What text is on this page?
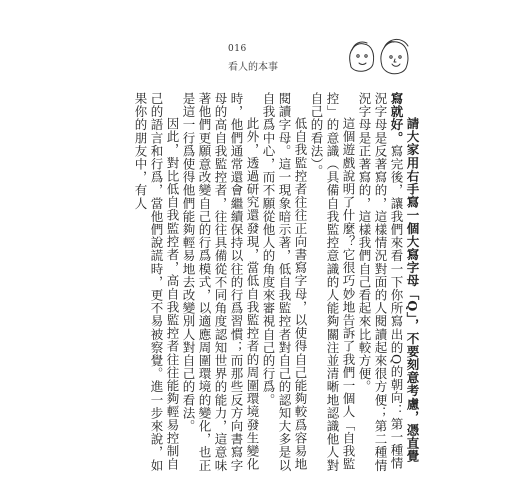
016
看人的本事

請大家用右手寫一個大寫字母「Q」，不要刻意考慮，憑直覺寫就好。寫完後，讓我們來看一下你所寫出的Q的朝向：第一種情況字母是反著寫的，這樣情況對面的人閱讀起來很方便；第二種情況字母是正著寫的，這樣我們自己看起來比較方便。

這個遊戲說明了什麼？它很巧妙地告訴了我們一個人「自我監控」的意識（具備自我監控意識的人能夠關注並清晰地認識他人對自己的看法）。

低自我監控者往往正向書寫字母，以使得自己能夠較爲容易地閱讀字母。這一現象暗示著，低自我監控者對自己的認知大多是以自我爲中心，而不願從他人的角度來審視自己的行爲。

此外，透過研究還發現，當低自我監控者的周圍環境發生變化時，他們通常還會繼續保持以往的行爲習慣；而那些反方向書寫字母的高自我監控者，往往具備從不同角度認知世界的能力，這意味著他們更願意改變自己的行爲模式，以適應周圍環境的變化，也正是這一行爲使得他們能夠輕易地去改變別人對自己的看法。

因此，對比低自我監控者，高自我監控者往往能夠輕易控制自己的語言和行爲，當他們說謊時，更不易被察覺。進一步來說，如果你的朋友中，有人
